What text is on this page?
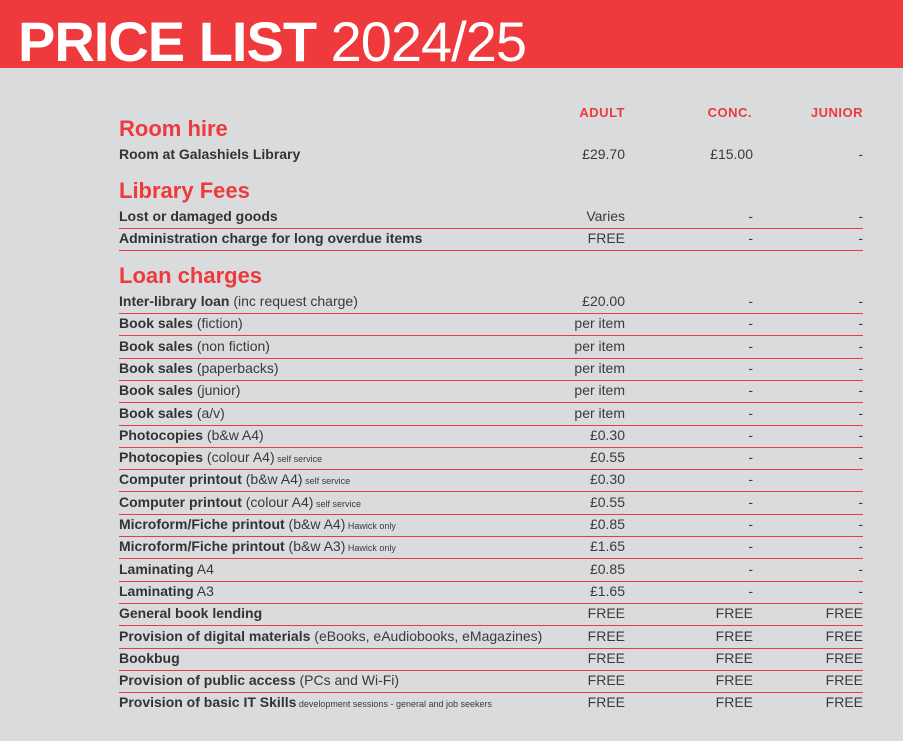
PRICE LIST 2024/25
ADULT	CONC.	JUNIOR
Room hire
Room at Galashiels Library	£29.70	£15.00	-
Library Fees
Lost or damaged goods	Varies	-	-
Administration charge for long overdue items	FREE	-	-
Loan charges
Inter-library loan (inc request charge)	£20.00	-	-
Book sales (fiction)	per item	-	-
Book sales (non fiction)	per item	-	-
Book sales (paperbacks)	per item	-	-
Book sales (junior)	per item	-	-
Book sales (a/v)	per item	-	-
Photocopies (b&w A4)	£0.30	-	-
Photocopies (colour A4) self service	£0.55	-	-
Computer printout (b&w A4) self service	£0.30	-
Computer printout (colour A4) self service	£0.55	-	-
Microform/Fiche printout (b&w A4) Hawick only	£0.85	-	-
Microform/Fiche printout (b&w A3) Hawick only	£1.65	-	-
Laminating A4	£0.85	-	-
Laminating A3	£1.65	-	-
General book lending	FREE	FREE	FREE
Provision of digital materials (eBooks, eAudiobooks, eMagazines)	FREE	FREE	FREE
Bookbug	FREE	FREE	FREE
Provision of public access (PCs and Wi-Fi)	FREE	FREE	FREE
Provision of basic IT Skills development sessions - general and job seekers	FREE	FREE	FREE
